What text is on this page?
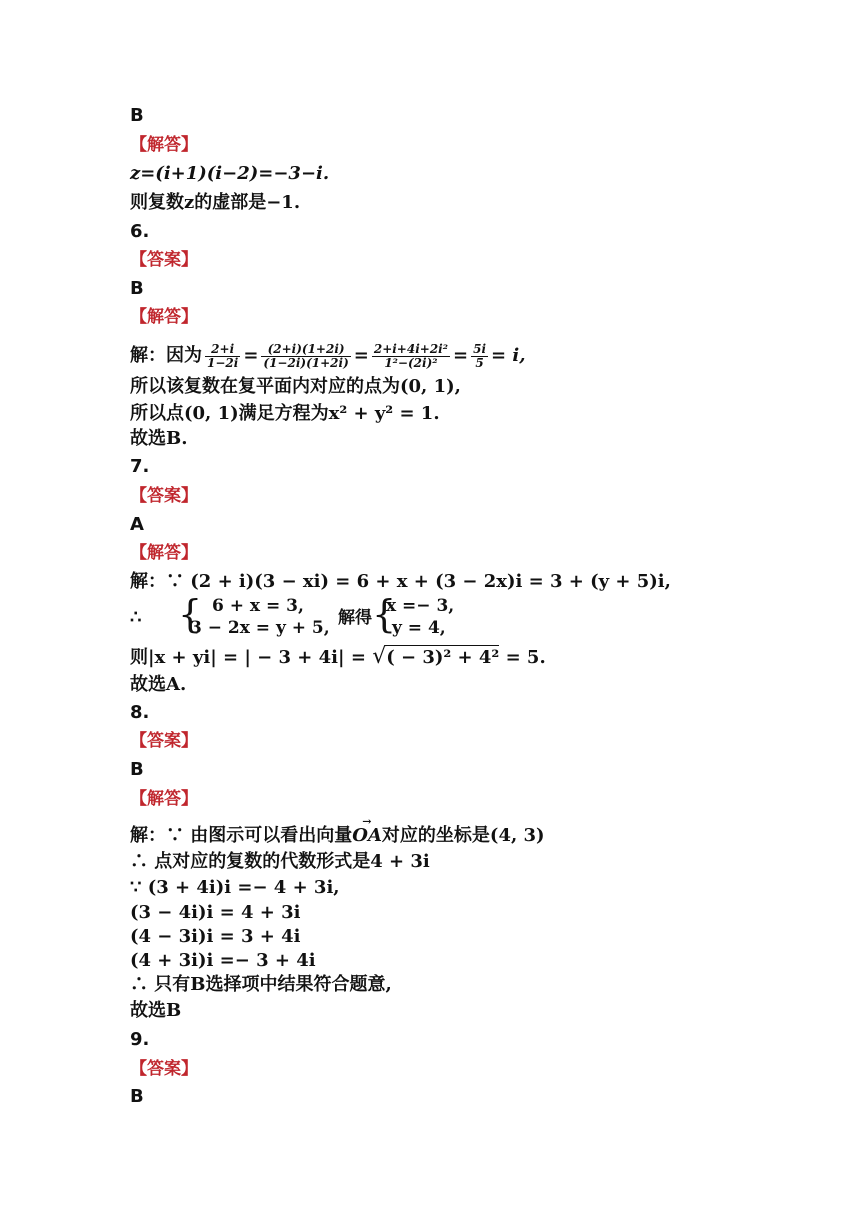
B
【解答】
z=(i+1)(i−2)=−3−i.
则复数z的虚部是−1.
6.
【答案】
B
【解答】
解：因为 $\frac{2+i}{1-2i} = \frac{(2+i)(1+2i)}{(1-2i)(1+2i)} = \frac{\text{2+i+4i+2i²}}{\text{1²−(2i)²}} = \frac{5i}{5} = i$,
所以该复数在复平面内对应的点为(0, 1),
所以点(0, 1)满足方程为x² + y² = 1.
故选B.
7.
【答案】
A
【解答】
解：∵ (2 + i)(3 − xi) = 6 + x + (3 − 2x)i = 3 + (y + 5)i,
∴ { 6 + x = 3,
3 − 2x = y + 5, 解得 {
x =− 3,
y = 4,
则|x + yi| = | − 3 + 4i| = √( − 3)² + 4² = 5.
故选A.
8.
【答案】
B
【解答】
解：∵ 由图示可以看出向量→ OA对应的坐标是(4, 3)
∴ 点对应的复数的代数形式是4 + 3i
∵ (3 + 4i)i =− 4 + 3i,
(3 − 4i)i = 4 + 3i
(4 − 3i)i = 3 + 4i
(4 + 3i)i =− 3 + 4i
∴ 只有B选择项中结果符合题意,
故选B
9.
【答案】
B
